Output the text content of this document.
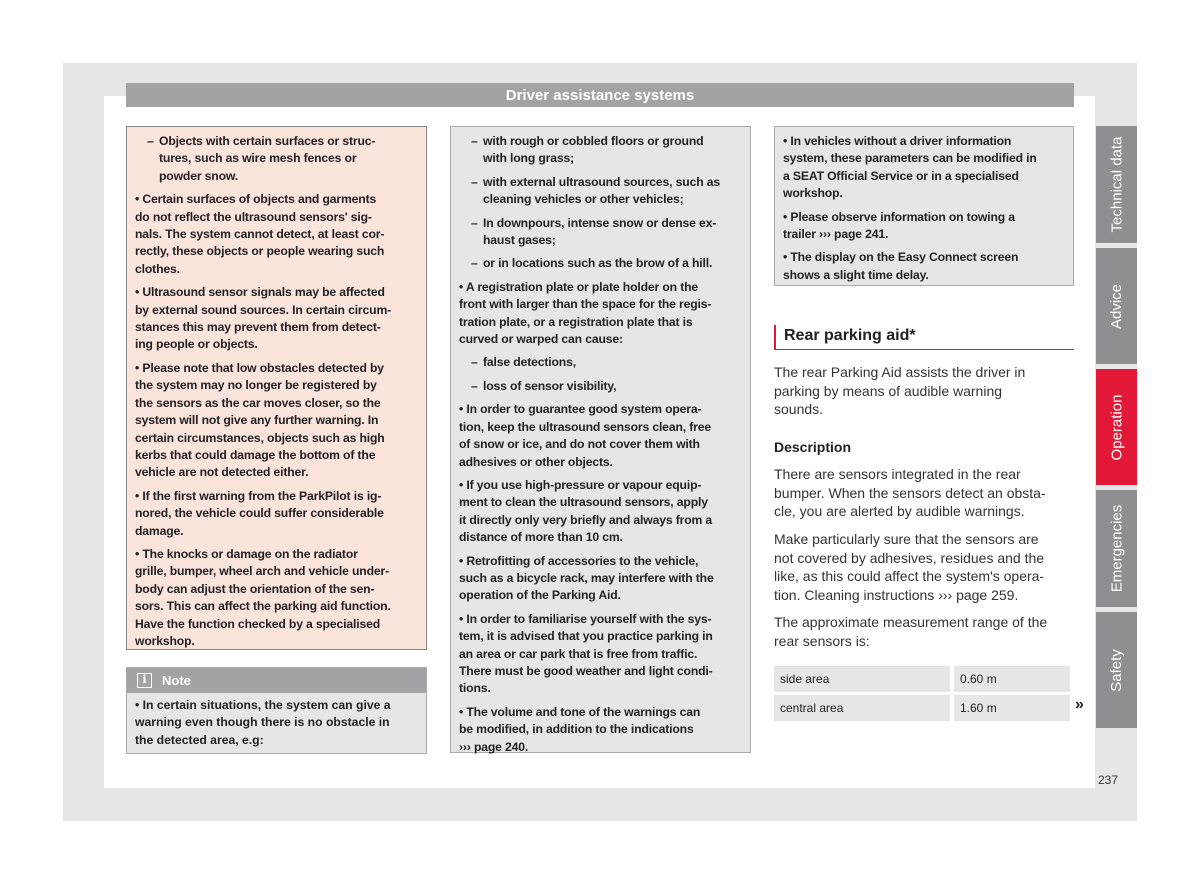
Driver assistance systems
– Objects with certain surfaces or struc-
tures, such as wire mesh fences or
powder snow.
• Certain surfaces of objects and garments
do not reflect the ultrasound sensors' sig-
nals. The system cannot detect, at least cor-
rectly, these objects or people wearing such
clothes.
• Ultrasound sensor signals may be affected
by external sound sources. In certain circum-
stances this may prevent them from detect-
ing people or objects.
• Please note that low obstacles detected by
the system may no longer be registered by
the sensors as the car moves closer, so the
system will not give any further warning. In
certain circumstances, objects such as high
kerbs that could damage the bottom of the
vehicle are not detected either.
• If the first warning from the ParkPilot is ig-
nored, the vehicle could suffer considerable
damage.
• The knocks or damage on the radiator
grille, bumper, wheel arch and vehicle under-
body can adjust the orientation of the sen-
sors. This can affect the parking aid function.
Have the function checked by a specialised
workshop.
i	Note
• In certain situations, the system can give a
warning even though there is no obstacle in
the detected area, e.g:
– with rough or cobbled floors or ground
with long grass;
– with external ultrasound sources, such as
cleaning vehicles or other vehicles;
– In downpours, intense snow or dense ex-
haust gases;
– or in locations such as the brow of a hill.
• A registration plate or plate holder on the
front with larger than the space for the regis-
tration plate, or a registration plate that is
curved or warped can cause:
– false detections,
– loss of sensor visibility,
• In order to guarantee good system opera-
tion, keep the ultrasound sensors clean, free
of snow or ice, and do not cover them with
adhesives or other objects.
• If you use high-pressure or vapour equip-
ment to clean the ultrasound sensors, apply
it directly only very briefly and always from a
distance of more than 10 cm.
• Retrofitting of accessories to the vehicle,
such as a bicycle rack, may interfere with the
operation of the Parking Aid.
• In order to familiarise yourself with the sys-
tem, it is advised that you practice parking in
an area or car park that is free from traffic.
There must be good weather and light condi-
tions.
• The volume and tone of the warnings can
be modified, in addition to the indications
››› page 240.
• In vehicles without a driver information
system, these parameters can be modified in
a SEAT Official Service or in a specialised
workshop.
• Please observe information on towing a
trailer ››› page 241.
• The display on the Easy Connect screen
shows a slight time delay.
Rear parking aid*
The rear Parking Aid assists the driver in
parking by means of audible warning
sounds.
Description
There are sensors integrated in the rear
bumper. When the sensors detect an obsta-
cle, you are alerted by audible warnings.
Make particularly sure that the sensors are
not covered by adhesives, residues and the
like, as this could affect the system's opera-
tion. Cleaning instructions ››› page 259.
The approximate measurement range of the
rear sensors is:
side area	0.60 m
central area	1.60 m	»
Technical data
Advice
Operation
Emergencies
Safety
237
